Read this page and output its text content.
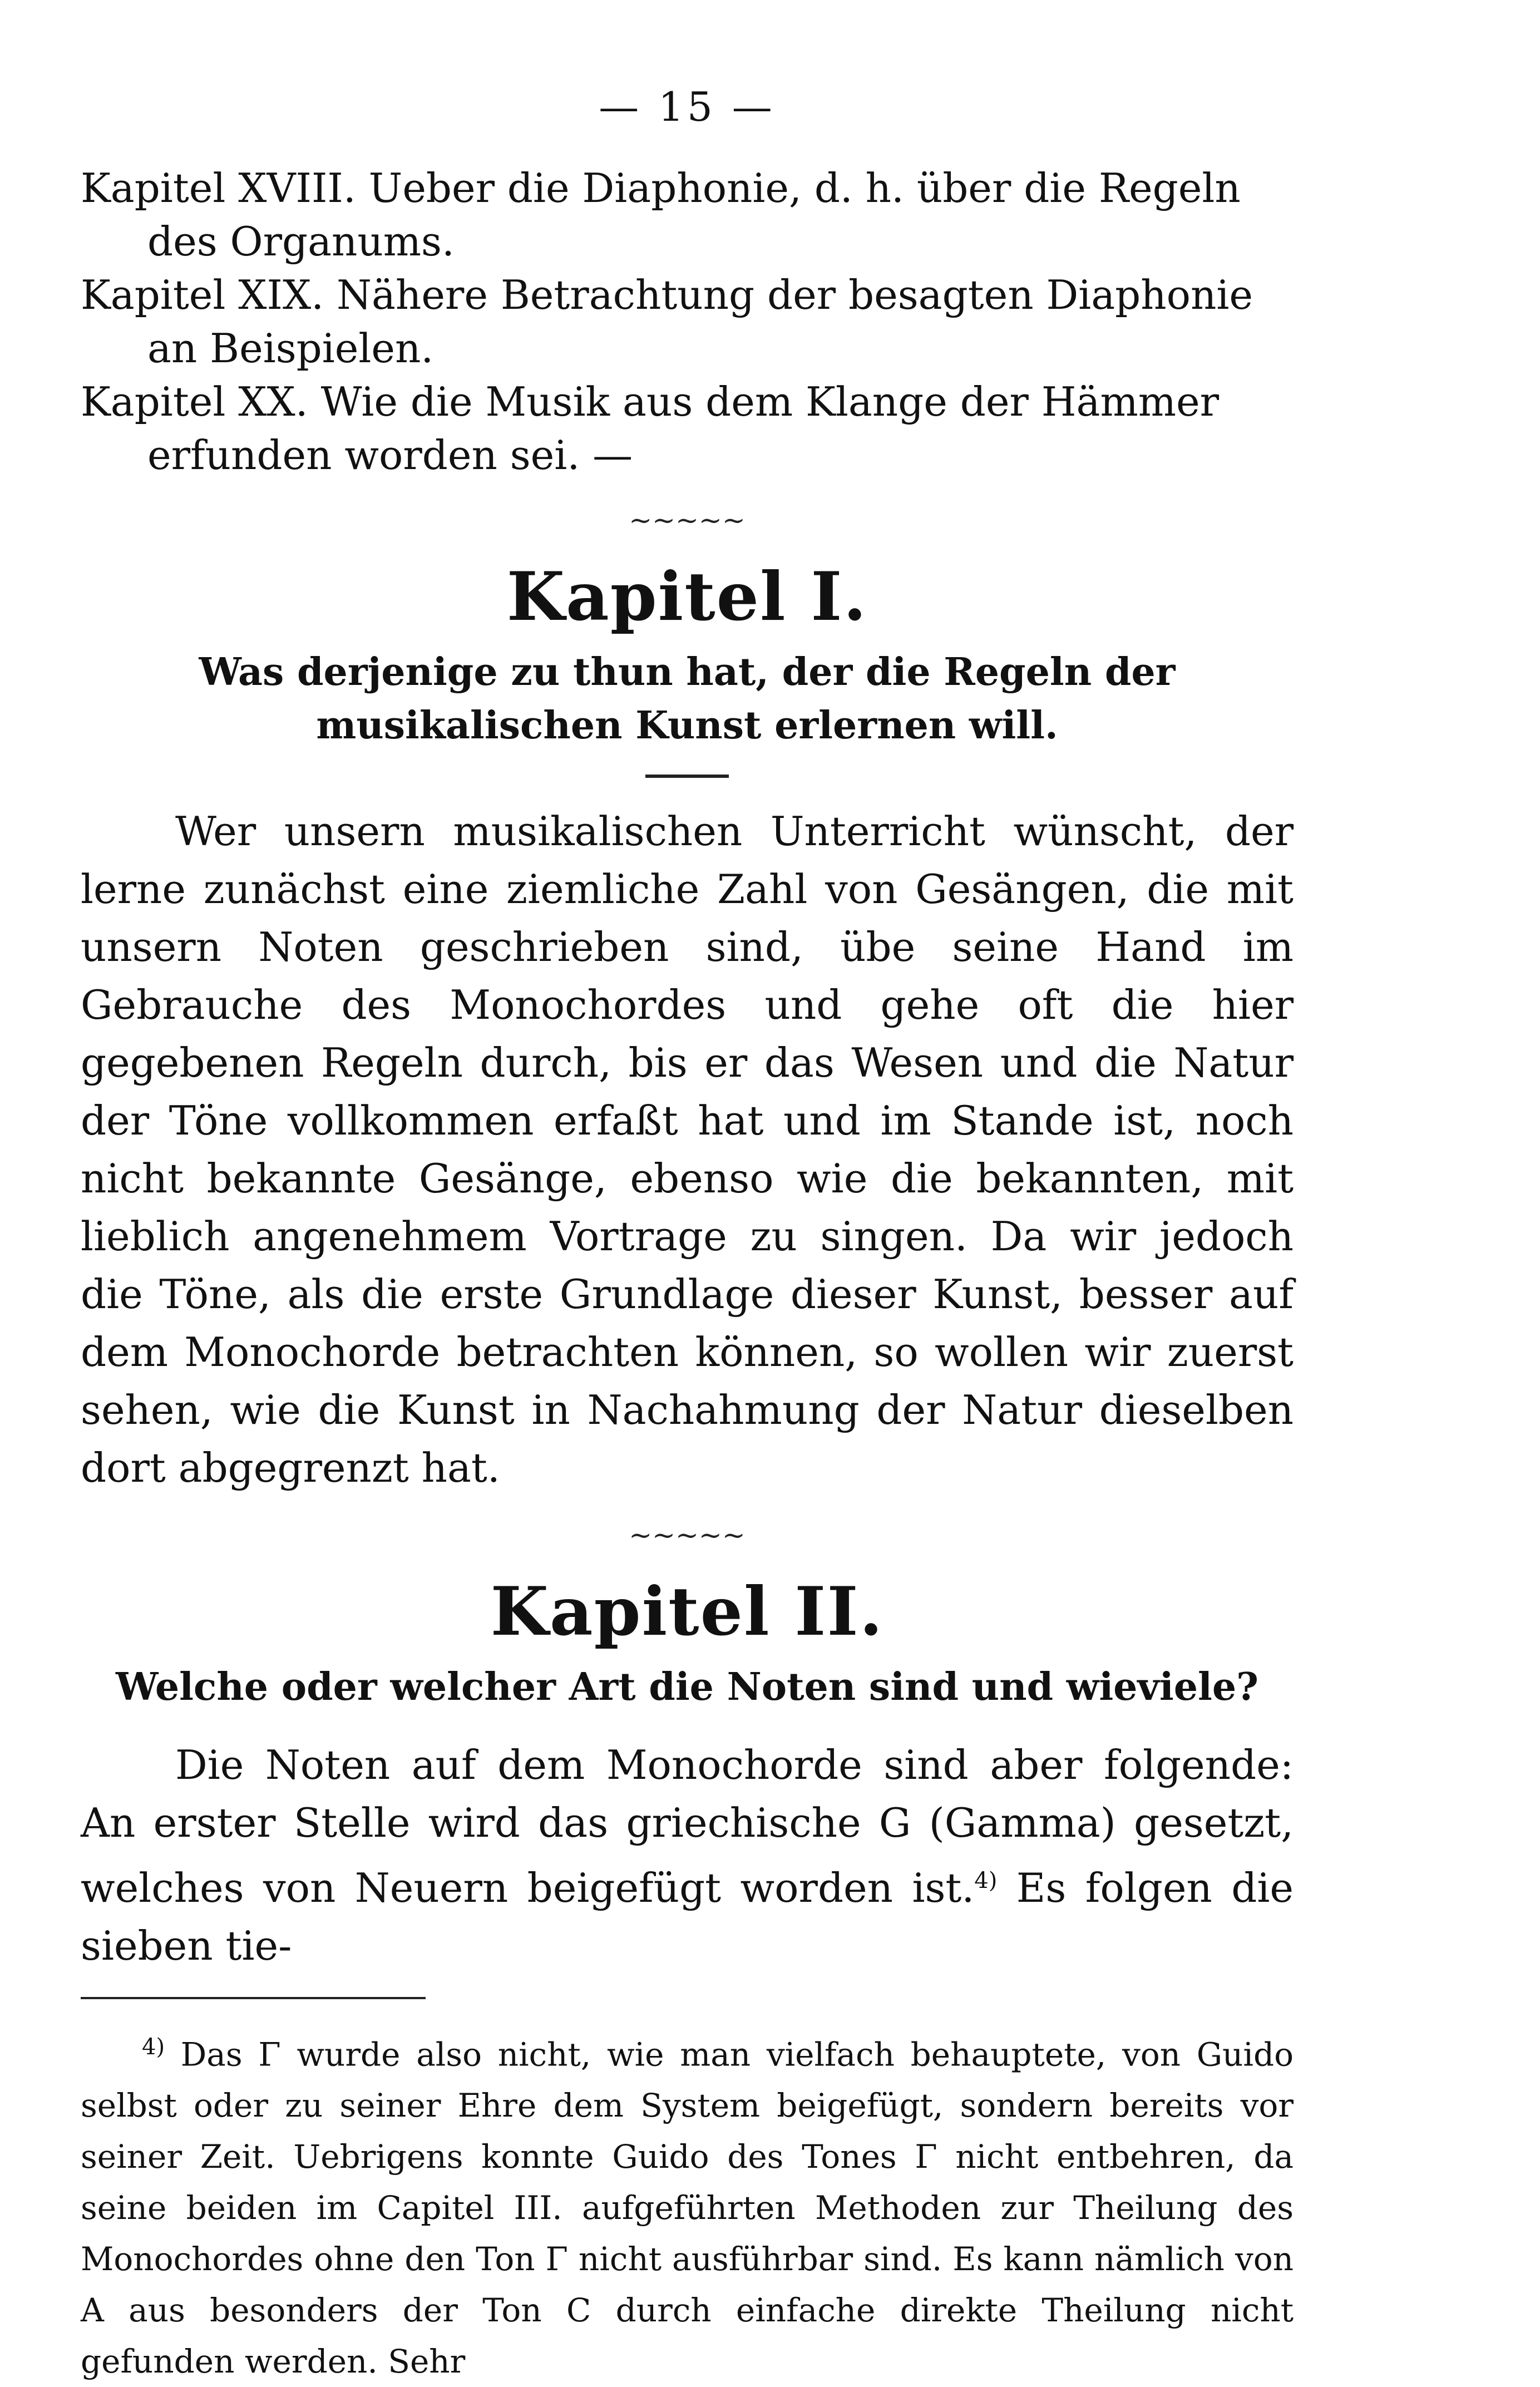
— 15 —

Kapitel XVIII. Ueber die Diaphonie, d. h. über die Regeln des Organums.

Kapitel XIX. Nähere Betrachtung der besagten Diaphonie an Beispielen.

Kapitel XX. Wie die Musik aus dem Klange der Hämmer erfunden worden sei. —

~~~~~
Kapitel I.
Was derjenige zu thun hat, der die Regeln der musikalischen Kunst erlernen will.

Wer unsern musikalischen Unterricht wünscht, der lerne zunächst eine ziemliche Zahl von Gesängen, die mit unsern Noten geschrieben sind, übe seine Hand im Gebrauche des Monochordes und gehe oft die hier gegebenen Regeln durch, bis er das Wesen und die Natur der Töne vollkommen erfaßt hat und im Stande ist, noch nicht bekannte Gesänge, ebenso wie die bekannten, mit lieblich angenehmem Vortrage zu singen. Da wir jedoch die Töne, als die erste Grundlage dieser Kunst, besser auf dem Monochorde betrachten können, so wollen wir zuerst sehen, wie die Kunst in Nachahmung der Natur dieselben dort abgegrenzt hat.

~~~~~
Kapitel II.
Welche oder welcher Art die Noten sind und wieviele?

Die Noten auf dem Monochorde sind aber folgende: An erster Stelle wird das griechische G (Gamma) gesetzt, welches von Neuern beigefügt worden ist.$^{4)}$ Es folgen die sieben tie-

$^{4)}$ Das Γ wurde also nicht, wie man vielfach behauptete, von Guido selbst oder zu seiner Ehre dem System beigefügt, sondern bereits vor seiner Zeit. Uebrigens konnte Guido des Tones Γ nicht entbehren, da seine beiden im Capitel III. aufgeführten Methoden zur Theilung des Monochordes ohne den Ton Γ nicht ausführbar sind. Es kann nämlich von A aus besonders der Ton C durch einfache direkte Theilung nicht gefunden werden. Sehr
